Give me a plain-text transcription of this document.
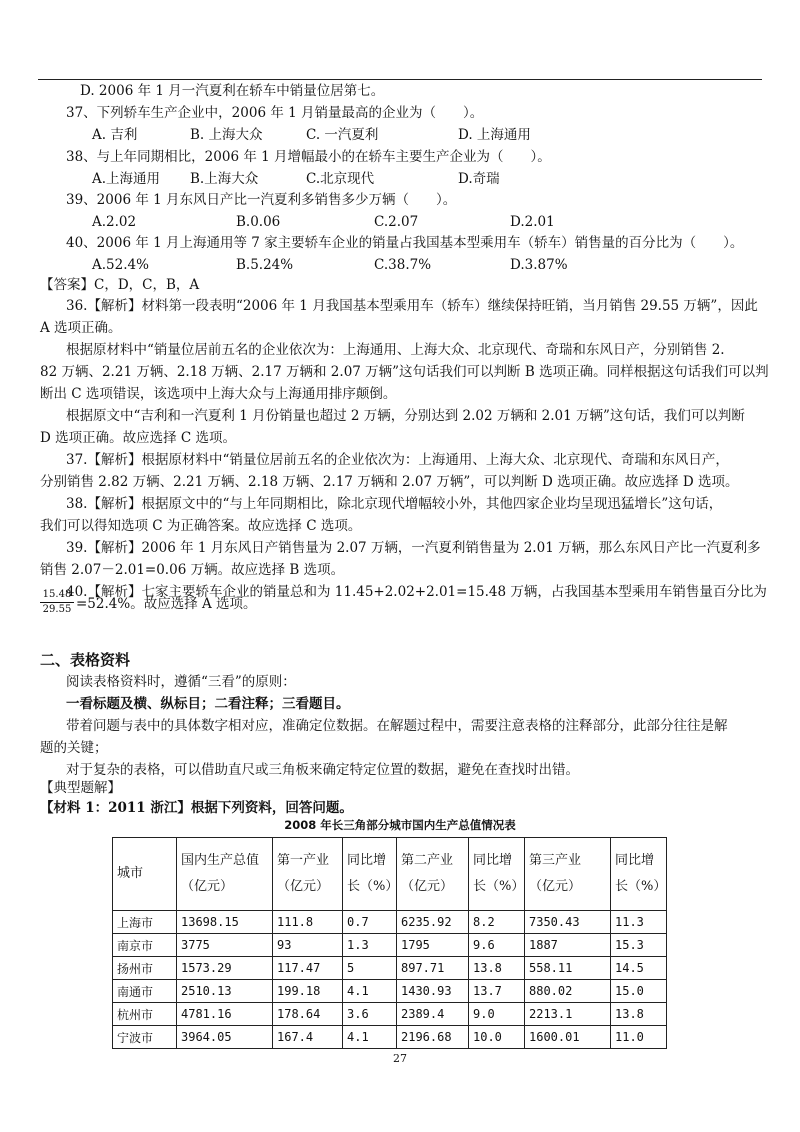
D. 2006 年 1 月一汽夏利在轿车中销量位居第七。
37、下列轿车生产企业中，2006 年 1 月销量最高的企业为（　　）。
A. 吉利	B. 上海大众	C. 一汽夏利	D. 上海通用
38、与上年同期相比，2006 年 1 月增幅最小的在轿车主要生产企业为（　　）。
A.上海通用 B.上海大众	C.北京现代	D.奇瑞
39、2006 年 1 月东风日产比一汽夏利多销售多少万辆（　　）。
A.2.02	B.0.06	C.2.07	D.2.01
40、2006 年 1 月上海通用等 7 家主要轿车企业的销量占我国基本型乘用车（轿车）销售量的百分比为（　　）。
A.52.4%	B.5.24%	C.38.7%	D.3.87%
【答案】C，D，C，B，A
36.【解析】材料第一段表明“2006 年 1 月我国基本型乘用车（轿车）继续保持旺销，当月销售 29.55 万辆”，因此
A 选项正确。
根据原材料中“销量位居前五名的企业依次为：上海通用、上海大众、北京现代、奇瑞和东风日产，分别销售 2.
82 万辆、2.21 万辆、2.18 万辆、2.17 万辆和 2.07 万辆”这句话我们可以判断 B 选项正确。同样根据这句话我们可以判
断出 C 选项错误，该选项中上海大众与上海通用排序颠倒。
根据原文中“吉利和一汽夏利 1 月份销量也超过 2 万辆，分别达到 2.02 万辆和 2.01 万辆”这句话，我们可以判断
D 选项正确。故应选择 C 选项。
37.【解析】根据原材料中“销量位居前五名的企业依次为：上海通用、上海大众、北京现代、奇瑞和东风日产，
分别销售 2.82 万辆、2.21 万辆、2.18 万辆、2.17 万辆和 2.07 万辆”，可以判断 D 选项正确。故应选择 D 选项。
38.【解析】根据原文中的“与上年同期相比，除北京现代增幅较小外，其他四家企业均呈现迅猛增长”这句话，
我们可以得知选项 C 为正确答案。故应选择 C 选项。
39.【解析】2006 年 1 月东风日产销售量为 2.07 万辆，一汽夏利销售量为 2.01 万辆，那么东风日产比一汽夏利多
销售 2.07－2.01=0.06 万辆。故应选择 B 选项。
40.【解析】七家主要轿车企业的销量总和为 11.45+2.02+2.01=15.48 万辆，占我国基本型乘用车销售量百分比为
$\frac{15.48}{29.55} =52.4\%$。故应选择 A 选项。
二、表格资料
阅读表格资料时，遵循“三看”的原则：
一看标题及横、纵标目；二看注释；三看题目。
带着问题与表中的具体数字相对应，准确定位数据。在解题过程中，需要注意表格的注释部分，此部分往往是解
题的关键；
对于复杂的表格，可以借助直尺或三角板来确定特定位置的数据，避免在查找时出错。
【典型题解】
【材料 1：2011 浙江】根据下列资料，回答问题。
2008 年长三角部分城市国内生产总值情况表
城市	国内生产总值（亿元）	第一产业（亿元）	同比增长（%）	第二产业（亿元）	同比增长（%）	第三产业（亿元）	同比增长（%）
上海市	13698.15	111.8	0.7	6235.92	8.2	7350.43	11.3
南京市	3775	93	1.3	1795	9.6	1887	15.3
扬州市	1573.29	117.47	5	897.71	13.8	558.11	14.5
南通市	2510.13	199.18	4.1	1430.93	13.7	880.02	15.0
杭州市	4781.16	178.64	3.6	2389.4	9.0	2213.1	13.8
宁波市	3964.05	167.4	4.1	2196.68	10.0	1600.01	11.0
27
